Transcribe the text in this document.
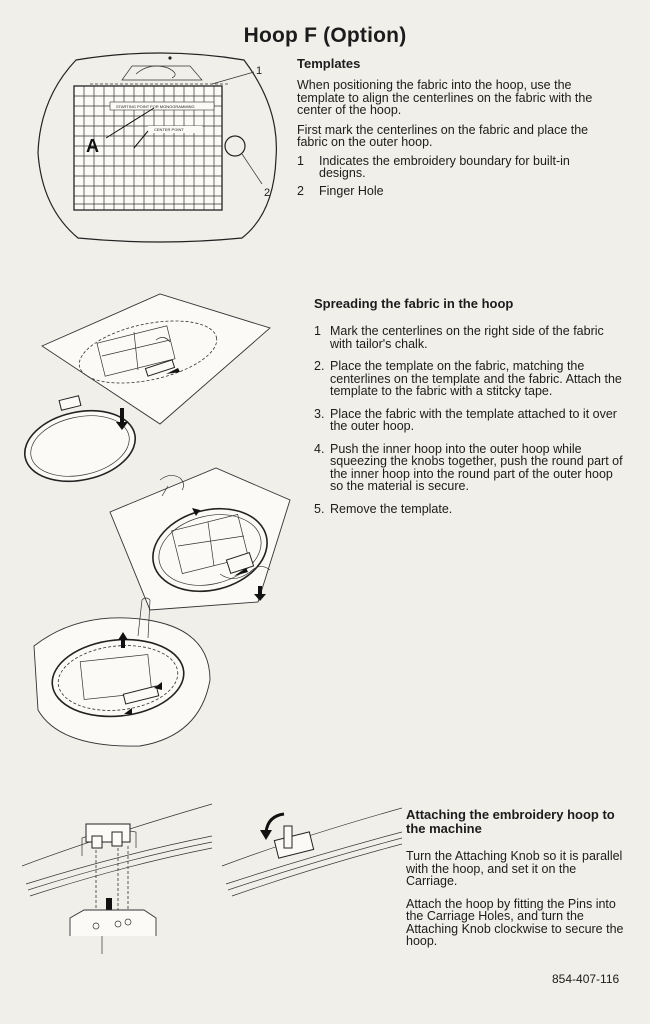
Hoop F (Option)
STARTING POINT FOR MONOGRAMMING
CENTER POINT
A
1
2
Templates

When positioning the fabric into the hoop, use the template to align the centerlines on the fabric with the center of the hoop.

First mark the centerlines on the fabric and place the fabric on the outer hoop.

1	Indicates the embroidery boundary for built-in designs.
2	Finger Hole
Spreading the fabric in the hoop
1 Mark the centerlines on the right side of the fabric with tailor's chalk.
2. Place the template on the fabric, matching the centerlines on the template and the fabric. Attach the template to the fabric with a stitcky tape.
3. Place the fabric with the template attached to it over the outer hoop.
4. Push the inner hoop into the outer hoop while squeezing the knobs together, push the round part of the inner hoop into the round part of the outer hoop so the material is secure.
5. Remove the template.
Attaching the embroidery hoop to the machine

Turn the Attaching Knob so it is parallel with the hoop, and set it on the Carriage.

Attach the hoop by fitting the Pins into the Carriage Holes, and turn the Attaching Knob clockwise to secure the hoop.

854-407-116
